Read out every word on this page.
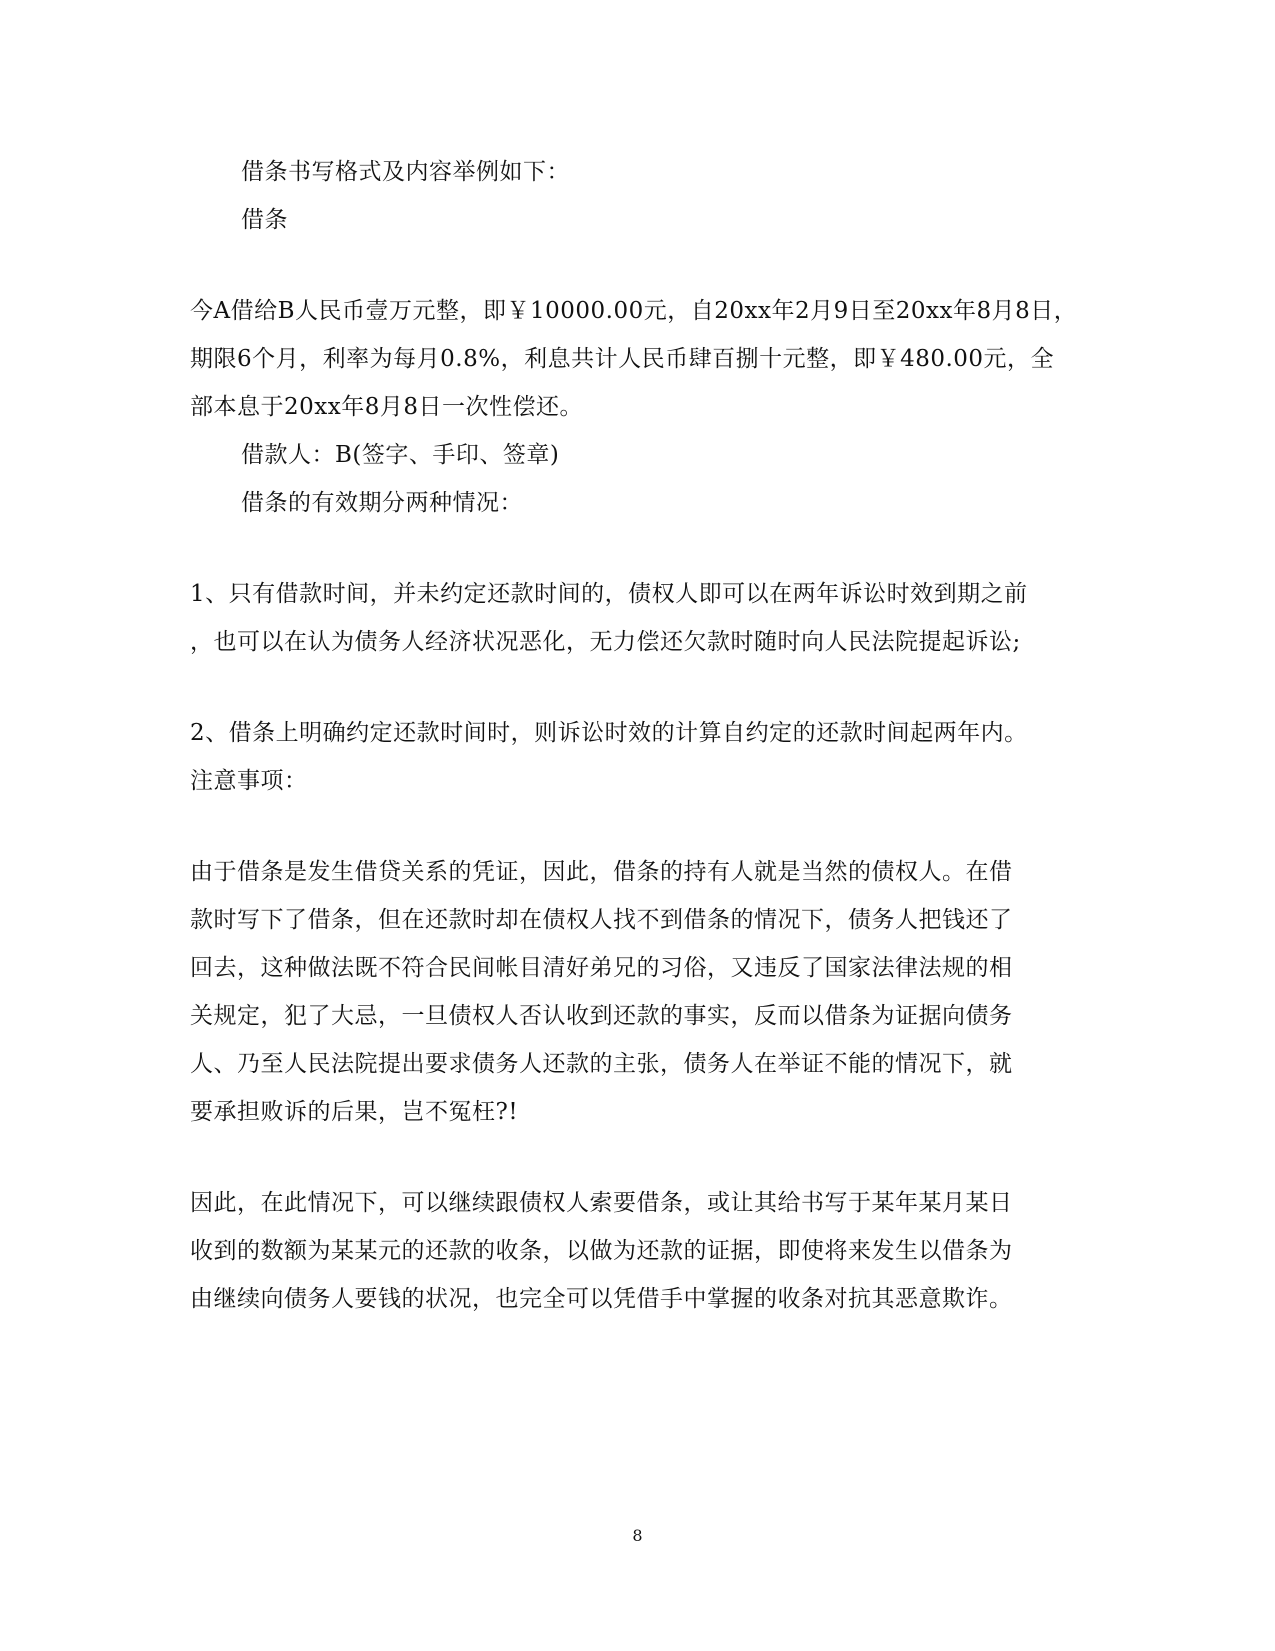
借条书写格式及内容举例如下：
借条
今A借给B人民币壹万元整，即￥10000.00元，自20xx年2月9日至20xx年8月8日，
期限6个月，利率为每月0.8%，利息共计人民币肆百捌十元整，即￥480.00元，全
部本息于20xx年8月8日一次性偿还。
借款人：B(签字、手印、签章)
借条的有效期分两种情况：
1、只有借款时间，并未约定还款时间的，债权人即可以在两年诉讼时效到期之前
，也可以在认为债务人经济状况恶化，无力偿还欠款时随时向人民法院提起诉讼;
2、借条上明确约定还款时间时，则诉讼时效的计算自约定的还款时间起两年内。
注意事项：
由于借条是发生借贷关系的凭证，因此，借条的持有人就是当然的债权人。在借
款时写下了借条，但在还款时却在债权人找不到借条的情况下，债务人把钱还了
回去，这种做法既不符合民间帐目清好弟兄的习俗，又违反了国家法律法规的相
关规定，犯了大忌，一旦债权人否认收到还款的事实，反而以借条为证据向债务
人、乃至人民法院提出要求债务人还款的主张，债务人在举证不能的情况下，就
要承担败诉的后果，岂不冤枉?!
因此，在此情况下，可以继续跟债权人索要借条，或让其给书写于某年某月某日
收到的数额为某某元的还款的收条，以做为还款的证据，即使将来发生以借条为
由继续向债务人要钱的状况，也完全可以凭借手中掌握的收条对抗其恶意欺诈。
8
